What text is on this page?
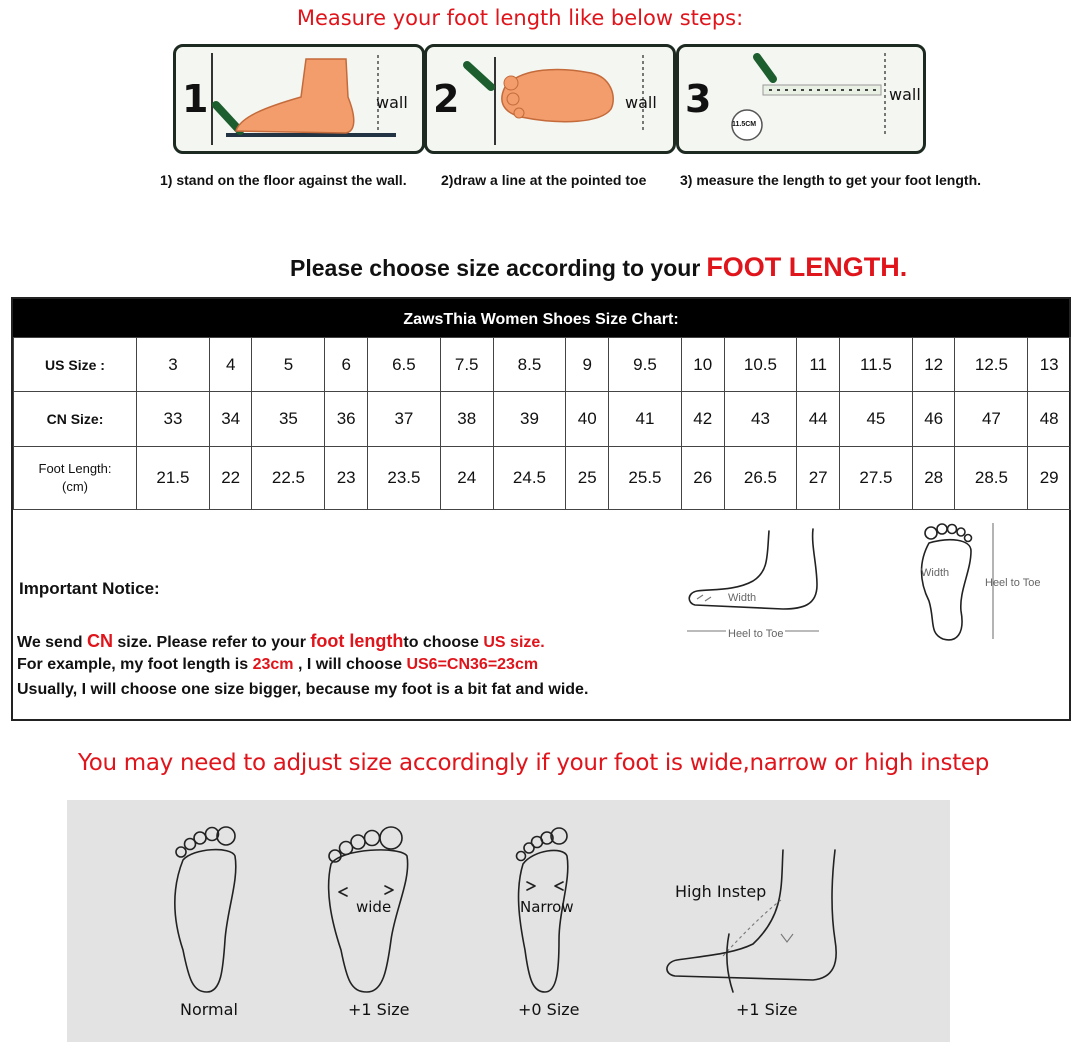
Measure your foot length like below steps:
1	wall 2	wall 3
11.5CM
wall
1) stand on the floor against the wall. 2)draw a line at the pointed toe 3) measure the length to get your foot length.
Please choose size according to your FOOT LENGTH.
ZawsThia Women Shoes Size Chart:
US Size :	3	4	5	6	6.5	7.5	8.5	9	9.5	10	10.5	11	11.5	12	12.5	13
CN Size:	33	34	35	36	37	38	39	40	41	42	43	44	45	46	47	48

Foot Length:
(cm)	21.5	22	22.5	23	23.5	24	24.5	25	25.5	26	26.5	27	27.5	28	28.5	29
Width
Heel to Toe
Width
Heel to Toe
Important Notice:
We send CN size. Please refer to your foot lengthto choose US size.
For example, my foot length is 23cm , I will choose US6=CN36=23cm
Usually, I will choose one size bigger, because my foot is a bit fat and wide.
You may need to adjust size accordingly if your foot is wide,narrow or high instep
wide	Narrow
High Instep
Normal	+1 Size	+0 Size	+1 Size
